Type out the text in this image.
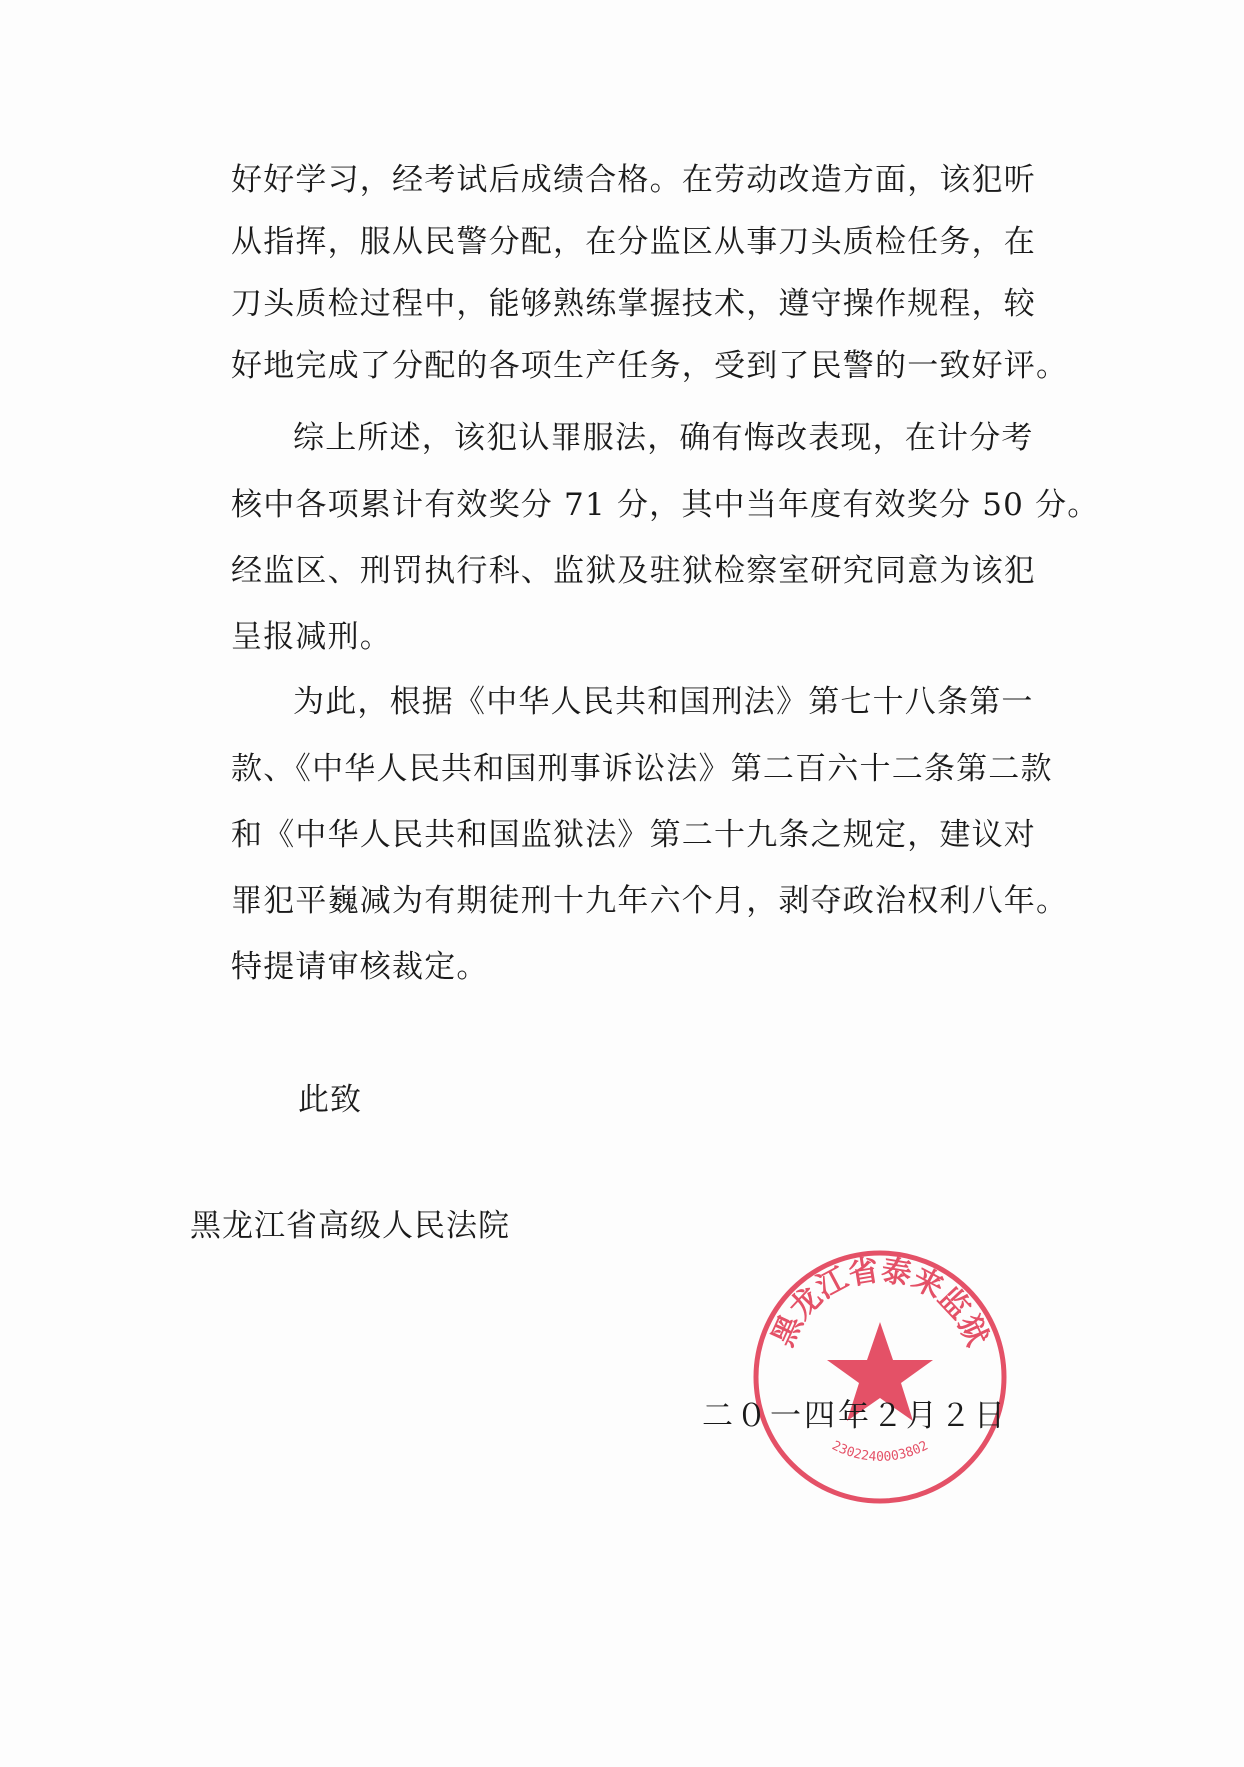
好好学习，经考试后成绩合格。在劳动改造方面，该犯听
从指挥，服从民警分配，在分监区从事刀头质检任务，在
刀头质检过程中，能够熟练掌握技术，遵守操作规程，较
好地完成了分配的各项生产任务，受到了民警的一致好评。
综上所述，该犯认罪服法，确有悔改表现，在计分考
核中各项累计有效奖分 71 分，其中当年度有效奖分 50 分。
经监区、刑罚执行科、监狱及驻狱检察室研究同意为该犯
呈报减刑。
为此，根据《中华人民共和国刑法》第七十八条第一
款、《中华人民共和国刑事诉讼法》第二百六十二条第二款
和《中华人民共和国监狱法》第二十九条之规定，建议对
罪犯平巍减为有期徒刑十九年六个月，剥夺政治权利八年。
特提请审核裁定。
此致
黑龙江省高级人民法院
黑龙江省泰来监狱
2302240003802
二０一四年２月２日
